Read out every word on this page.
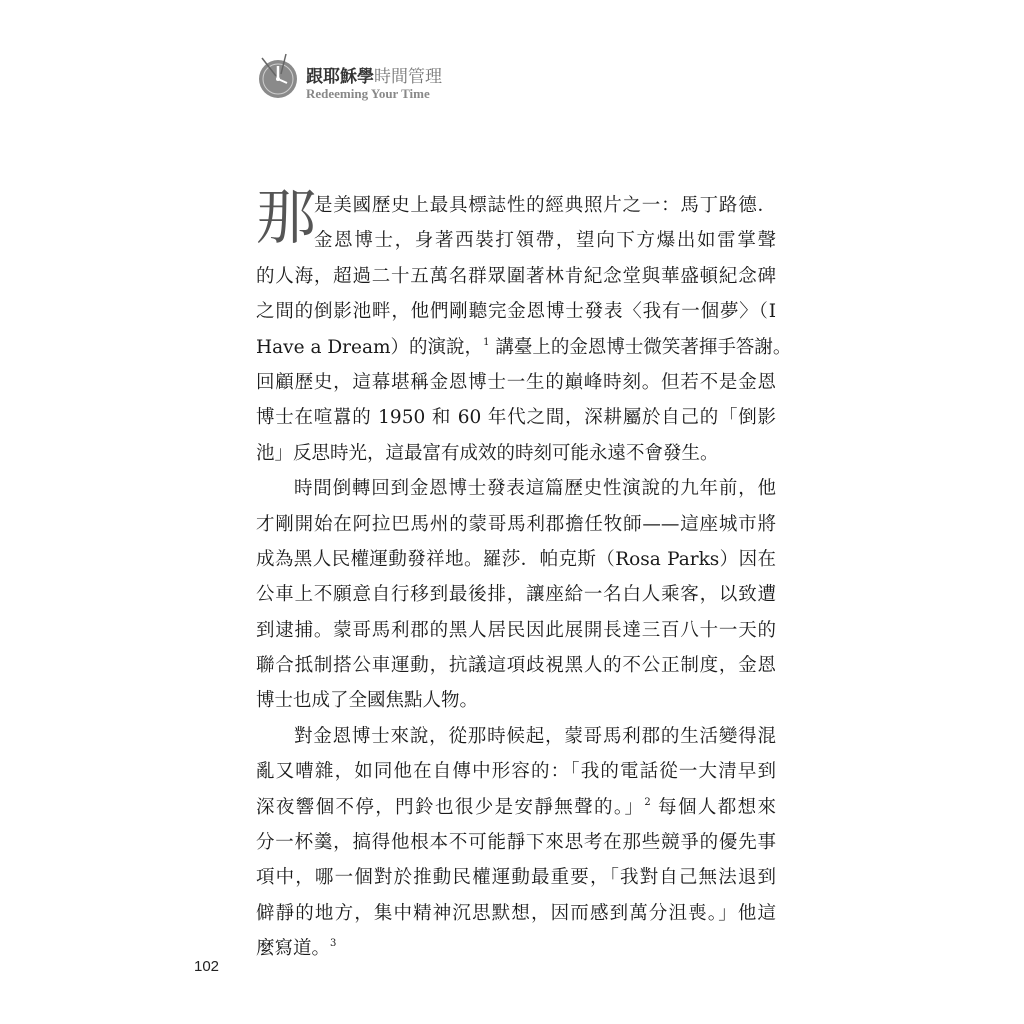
跟耶穌學時間管理
Redeeming Your Time
那
是美國歷史上最具標誌性的經典照片之一：馬丁路德．
金恩博士，身著西裝打領帶，望向下方爆出如雷掌聲
的人海，超過二十五萬名群眾圍著林肯紀念堂與華盛頓紀念碑
之間的倒影池畔，他們剛聽完金恩博士發表〈我有一個夢〉（I
Have a Dream）的演說，$^1$ 講臺上的金恩博士微笑著揮手答謝。
回顧歷史，這幕堪稱金恩博士一生的巔峰時刻。但若不是金恩
博士在喧囂的 1950 和 60 年代之間，深耕屬於自己的「倒影
池」反思時光，這最富有成效的時刻可能永遠不會發生。
時間倒轉回到金恩博士發表這篇歷史性演說的九年前，他
才剛開始在阿拉巴馬州的蒙哥馬利郡擔任牧師——這座城市將
成為黑人民權運動發祥地。羅莎．帕克斯（Rosa Parks）因在
公車上不願意自行移到最後排，讓座給一名白人乘客，以致遭
到逮捕。蒙哥馬利郡的黑人居民因此展開長達三百八十一天的
聯合抵制搭公車運動，抗議這項歧視黑人的不公正制度，金恩
博士也成了全國焦點人物。
對金恩博士來說，從那時候起，蒙哥馬利郡的生活變得混
亂又嘈雜，如同他在自傳中形容的：「我的電話從一大清早到
深夜響個不停，門鈴也很少是安靜無聲的。」$^2$ 每個人都想來
分一杯羹，搞得他根本不可能靜下來思考在那些競爭的優先事
項中，哪一個對於推動民權運動最重要，「我對自己無法退到
僻靜的地方，集中精神沉思默想，因而感到萬分沮喪。」他這
麼寫道。$^3$
102
